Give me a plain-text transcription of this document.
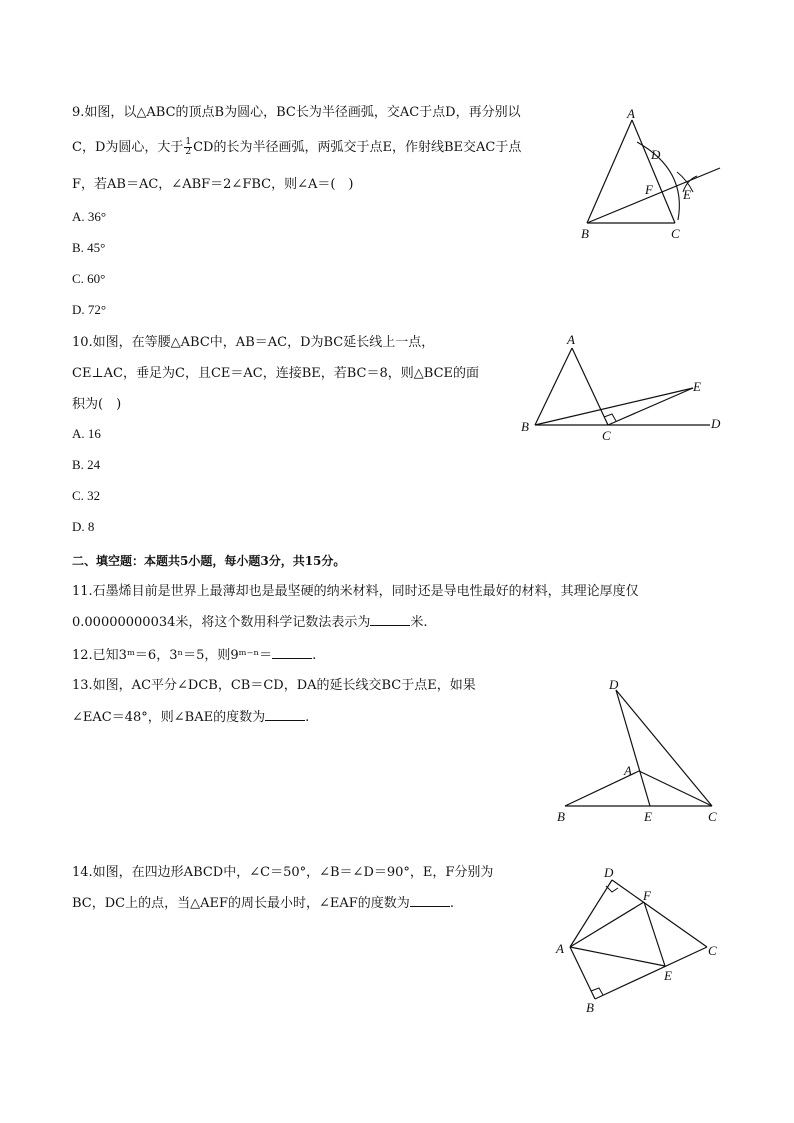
9.如图，以△ABC的顶点B为圆心，BC长为半径画弧，交AC于点D，再分别以
C，D为圆心，大于 $\frac{1}{2}$ CD的长为半径画弧，两弧交于点E，作射线BE交AC于点
F，若AB＝AC，∠ABF＝2∠FBC，则∠A＝(　)
A. 36°
B. 45°
C. 60°
D. 72°
A
D
F E
B	C
10.如图，在等腰△ABC中，AB＝AC，D为BC延长线上一点，
CE⊥AC，垂足为C，且CE＝AC，连接BE，若BC＝8，则△BCE的面
积为(　)
A. 16
B. 24
C. 32
D. 8
A
E
B
C
D
二、填空题：本题共5小题，每小题3分，共15分。
11.石墨烯目前是世界上最薄却也是最坚硬的纳米材料，同时还是导电性最好的材料，其理论厚度仅
0.00000000034米，将这个数用科学记数法表示为	米.
12.已知3ᵐ＝6，3ⁿ＝5，则9ᵐ⁻ⁿ＝	.
13.如图，AC平分∠DCB，CB＝CD，DA的延长线交BC于点E，如果
∠EAC＝48°，则∠BAE的度数为	.
D
A
B	E	C
14.如图，在四边形ABCD中，∠C＝50°，∠B＝∠D＝90°，E，F分别为
BC，DC上的点，当△AEF的周长最小时，∠EAF的度数为	.
D
F
A	C
E
B
